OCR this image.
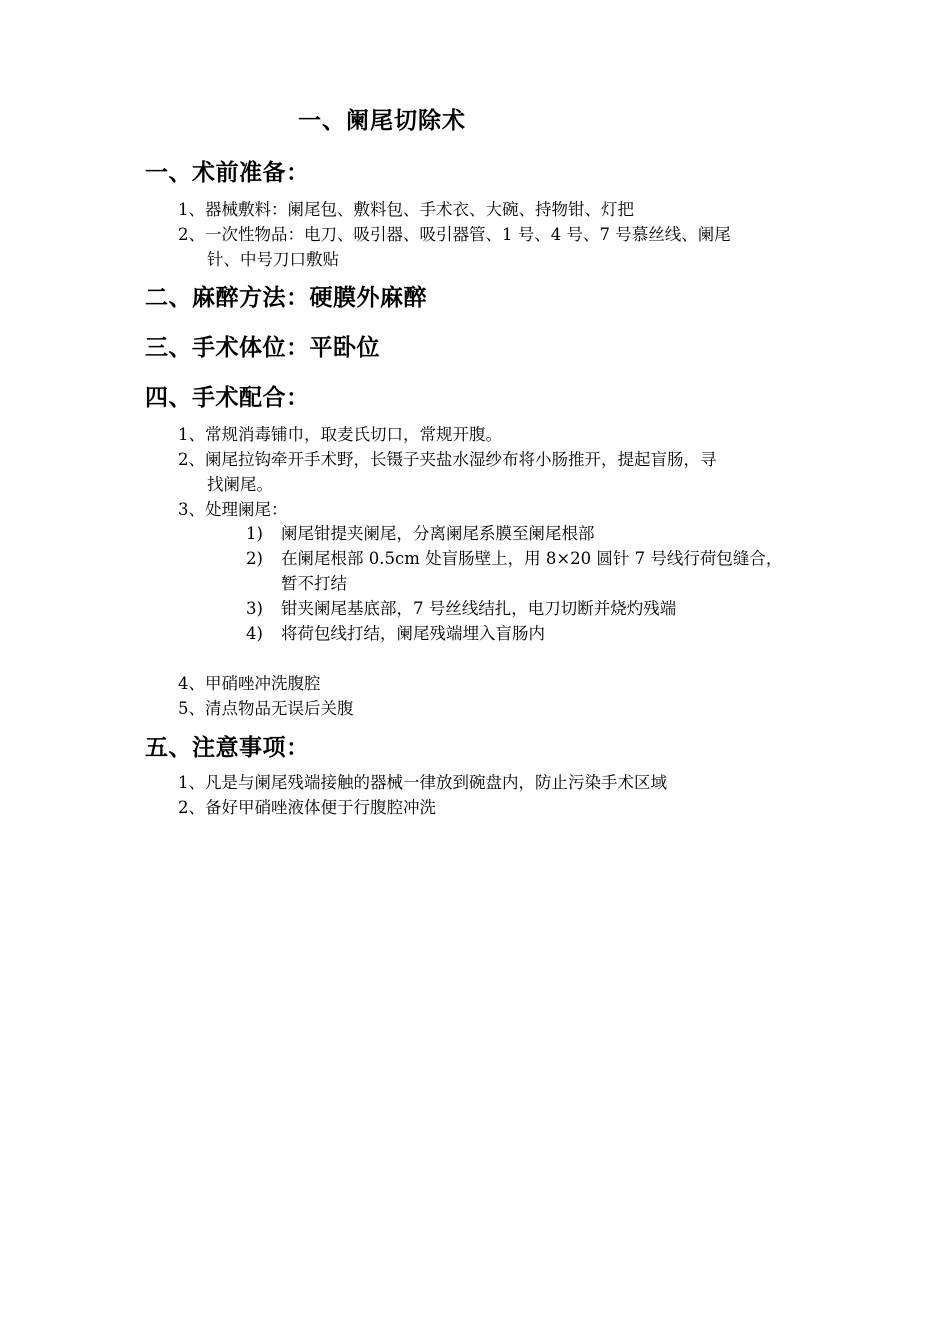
一、阑尾切除术
一、术前准备：
1、器械敷料：阑尾包、敷料包、手术衣、大碗、持物钳、灯把
2、一次性物品：电刀、吸引器、吸引器管、1 号、4 号、7 号慕丝线、阑尾
针、中号刀口敷贴
二、麻醉方法：硬膜外麻醉
三、手术体位：平卧位
四、手术配合：
1、常规消毒铺巾，取麦氏切口，常规开腹。
2、阑尾拉钩牵开手术野，长镊子夹盐水湿纱布将小肠推开，提起盲肠，寻
找阑尾。
3、处理阑尾：
1) 阑尾钳提夹阑尾，分离阑尾系膜至阑尾根部
2) 在阑尾根部 0.5cm 处盲肠壁上，用 8×20 圆针 7 号线行荷包缝合，
暂不打结
3) 钳夹阑尾基底部，7 号丝线结扎，电刀切断并烧灼残端
4) 将荷包线打结，阑尾残端埋入盲肠内
4、甲硝唑冲洗腹腔
5、清点物品无误后关腹
五、注意事项：
1、凡是与阑尾残端接触的器械一律放到碗盘内，防止污染手术区域
2、备好甲硝唑液体便于行腹腔冲洗
